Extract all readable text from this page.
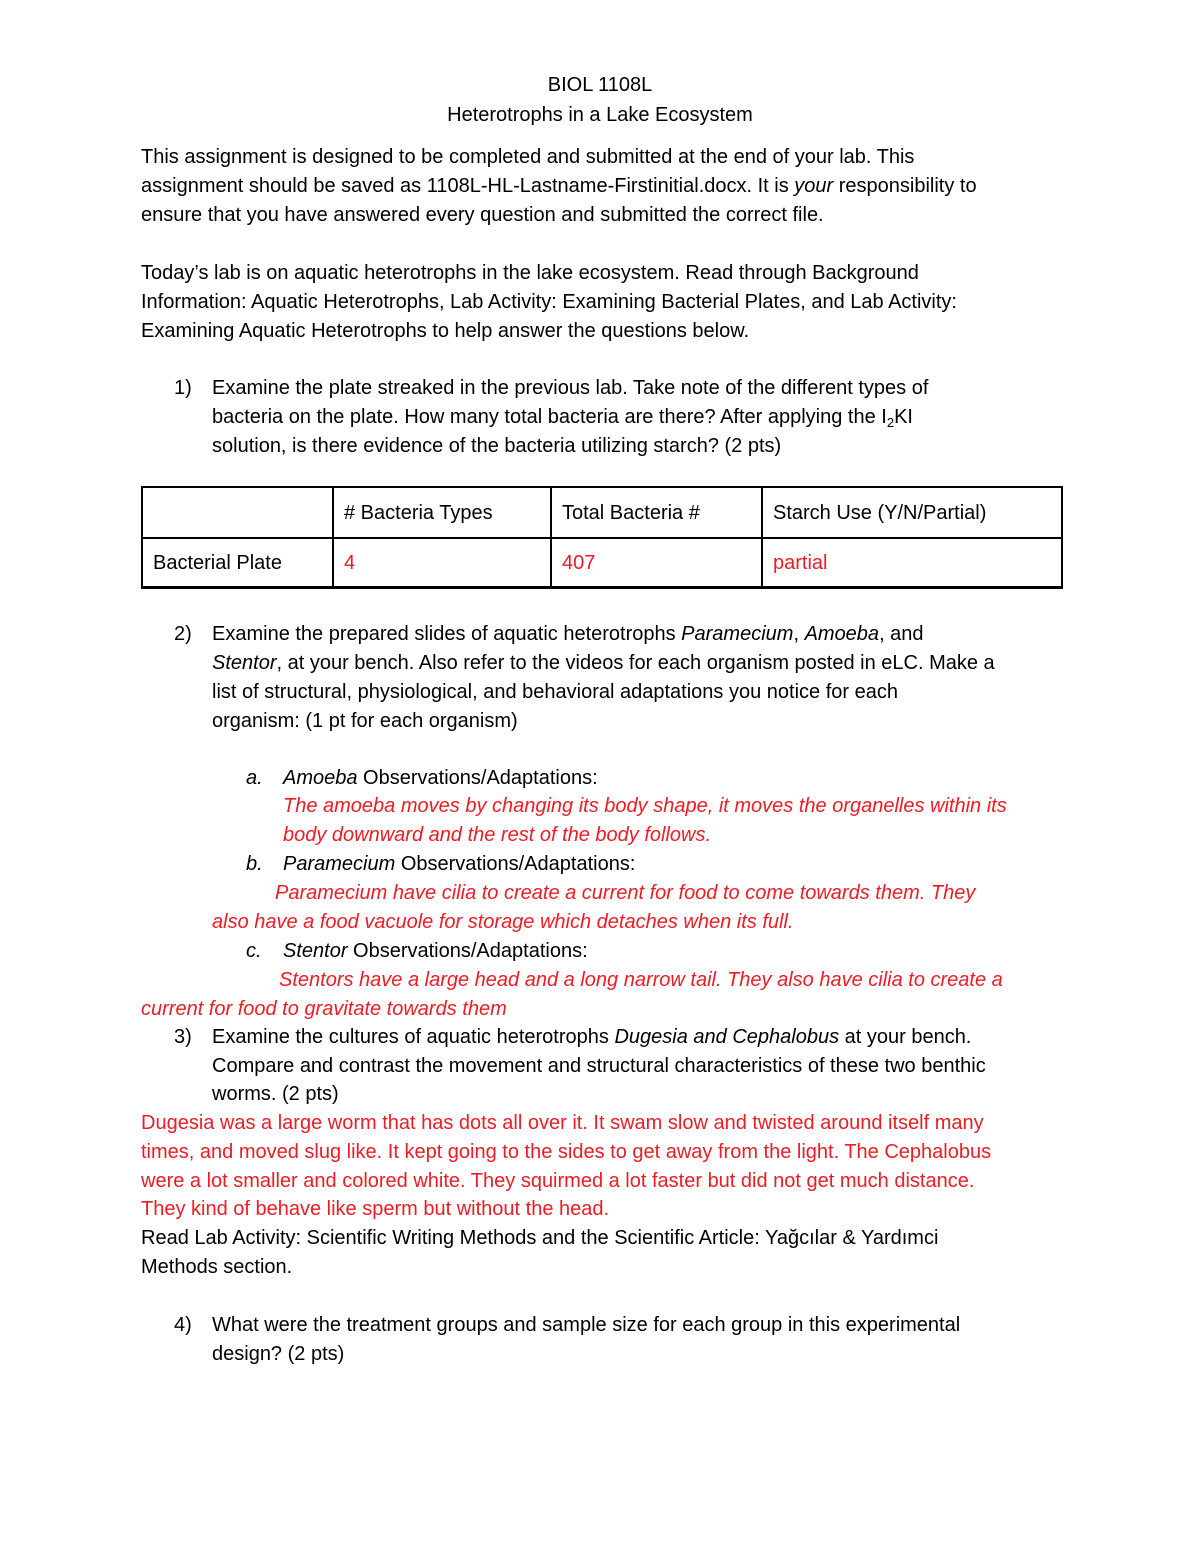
BIOL 1108L
Heterotrophs in a Lake Ecosystem
This assignment is designed to be completed and submitted at the end of your lab. This
assignment should be saved as 1108L-HL-Lastname-Firstinitial.docx. It is your responsibility to
ensure that you have answered every question and submitted the correct file.
Today’s lab is on aquatic heterotrophs in the lake ecosystem. Read through Background
Information: Aquatic Heterotrophs, Lab Activity: Examining Bacterial Plates, and Lab Activity:
Examining Aquatic Heterotrophs to help answer the questions below.
1) Examine the plate streaked in the previous lab. Take note of the different types of
bacteria on the plate. How many total bacteria are there? After applying the $I_2KI$
solution, is there evidence of the bacteria utilizing starch? (2 pts)
	# Bacteria Types	Total Bacteria #	Starch Use (Y/N/Partial)
Bacterial Plate	4	407	partial
2) Examine the prepared slides of aquatic heterotrophs Paramecium, Amoeba, and
Stentor, at your bench. Also refer to the videos for each organism posted in eLC. Make a
list of structural, physiological, and behavioral adaptations you notice for each
organism: (1 pt for each organism)
a. Amoeba Observations/Adaptations:
The amoeba moves by changing its body shape, it moves the organelles within its
body downward and the rest of the body follows.
b. Paramecium Observations/Adaptations:
Paramecium have cilia to create a current for food to come towards them. They
also have a food vacuole for storage which detaches when its full.
c. Stentor Observations/Adaptations:
Stentors have a large head and a long narrow tail. They also have cilia to create a
current for food to gravitate towards them
3) Examine the cultures of aquatic heterotrophs Dugesia and Cephalobus at your bench.
Compare and contrast the movement and structural characteristics of these two benthic
worms. (2 pts)
Dugesia was a large worm that has dots all over it. It swam slow and twisted around itself many
times, and moved slug like. It kept going to the sides to get away from the light. The Cephalobus
were a lot smaller and colored white. They squirmed a lot faster but did not get much distance.
They kind of behave like sperm but without the head.
Read Lab Activity: Scientific Writing Methods and the Scientific Article: Yağcılar & Yardımci
Methods section.
4) What were the treatment groups and sample size for each group in this experimental
design? (2 pts)
